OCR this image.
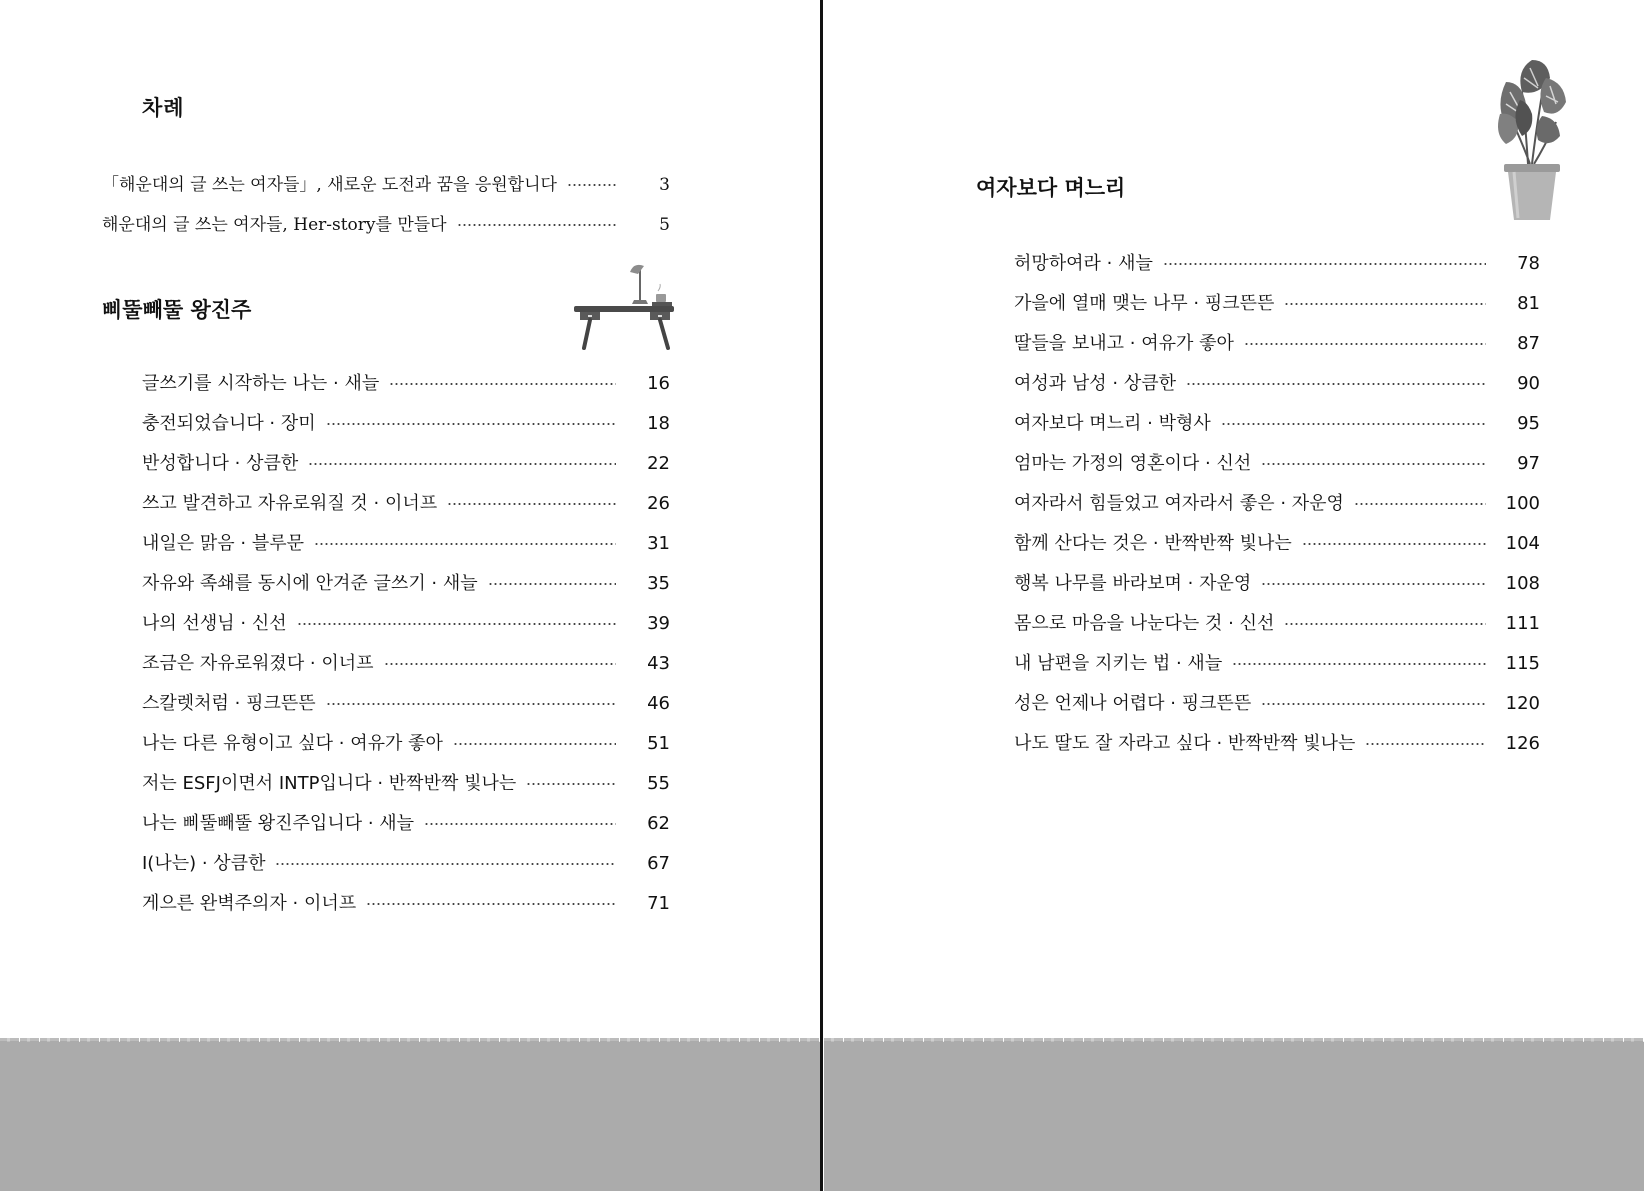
차례
「해운대의 글 쓰는 여자들」, 새로운 도전과 꿈을 응원합니다	3
해운대의 글 쓰는 여자들, Her-story를 만들다	5
삐뚤빼뚤 왕진주
글쓰기를 시작하는 나는 · 새늘	16
충전되었습니다 · 장미	18
반성합니다 · 상큼한	22
쓰고 발견하고 자유로워질 것 · 이너프	26
내일은 맑음 · 블루문	31
자유와 족쇄를 동시에 안겨준 글쓰기 · 새늘	35
나의 선생님 · 신선	39
조금은 자유로워졌다 · 이너프	43
스칼렛처럼 · 핑크뜬뜬	46
나는 다른 유형이고 싶다 · 여유가 좋아	51
저는 ESFJ이면서 INTP입니다 · 반짝반짝 빛나는	55
나는 삐뚤빼뚤 왕진주입니다 · 새늘	62
I(나는) · 상큼한	67
게으른 완벽주의자 · 이너프	71
여자보다 며느리
허망하여라 · 새늘	78
가을에 열매 맺는 나무 · 핑크뜬뜬	81
딸들을 보내고 · 여유가 좋아	87
여성과 남성 · 상큼한	90
여자보다 며느리 · 박형사	95
엄마는 가정의 영혼이다 · 신선	97
여자라서 힘들었고 여자라서 좋은 · 자운영	100
함께 산다는 것은 · 반짝반짝 빛나는	104
행복 나무를 바라보며 · 자운영	108
몸으로 마음을 나눈다는 것 · 신선	111
내 남편을 지키는 법 · 새늘	115
성은 언제나 어렵다 · 핑크뜬뜬	120
나도 딸도 잘 자라고 싶다 · 반짝반짝 빛나는	126
